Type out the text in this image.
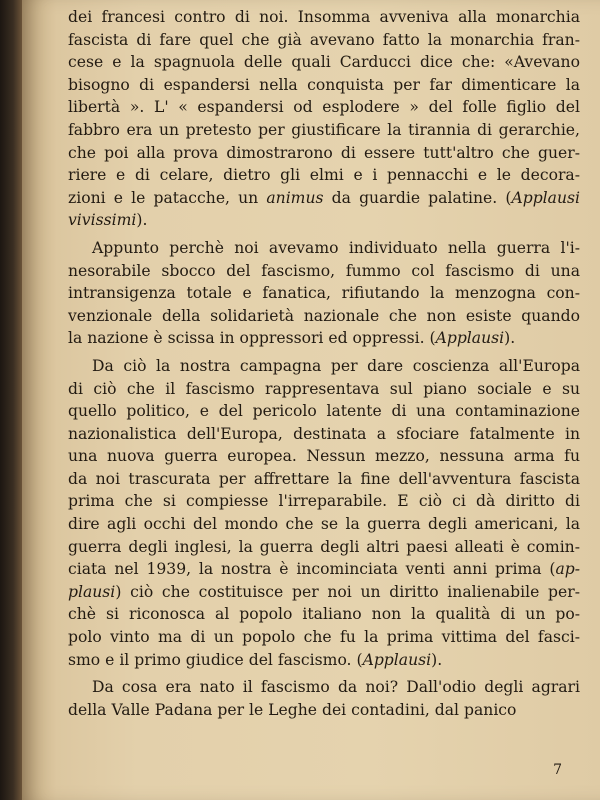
dei francesi contro di noi. Insomma avveniva alla monarchia
fascista di fare quel che già avevano fatto la monarchia fran-
cese e la spagnuola delle quali Carducci dice che: «Avevano
bisogno di espandersi nella conquista per far dimenticare la
libertà ». L' « espandersi od esplodere » del folle figlio del
fabbro era un pretesto per giustificare la tirannia di gerarchie,
che poi alla prova dimostrarono di essere tutt'altro che guer-
riere e di celare, dietro gli elmi e i pennacchi e le decora-
zioni e le patacche, un animus da guardie palatine. (Applausi
vivissimi).
Appunto perchè noi avevamo individuato nella guerra l'i-
nesorabile sbocco del fascismo, fummo col fascismo di una
intransigenza totale e fanatica, rifiutando la menzogna con-
venzionale della solidarietà nazionale che non esiste quando
la nazione è scissa in oppressori ed oppressi. (Applausi).
Da ciò la nostra campagna per dare coscienza all'Europa
di ciò che il fascismo rappresentava sul piano sociale e su
quello politico, e del pericolo latente di una contaminazione
nazionalistica dell'Europa, destinata a sfociare fatalmente in
una nuova guerra europea. Nessun mezzo, nessuna arma fu
da noi trascurata per affrettare la fine dell'avventura fascista
prima che si compiesse l'irreparabile. E ciò ci dà diritto di
dire agli occhi del mondo che se la guerra degli americani, la
guerra degli inglesi, la guerra degli altri paesi alleati è comin-
ciata nel 1939, la nostra è incominciata venti anni prima (ap-
plausi) ciò che costituisce per noi un diritto inalienabile per-
chè si riconosca al popolo italiano non la qualità di un po-
polo vinto ma di un popolo che fu la prima vittima del fasci-
smo e il primo giudice del fascismo. (Applausi).
Da cosa era nato il fascismo da noi? Dall'odio degli agrari
della Valle Padana per le Leghe dei contadini, dal panico
7
